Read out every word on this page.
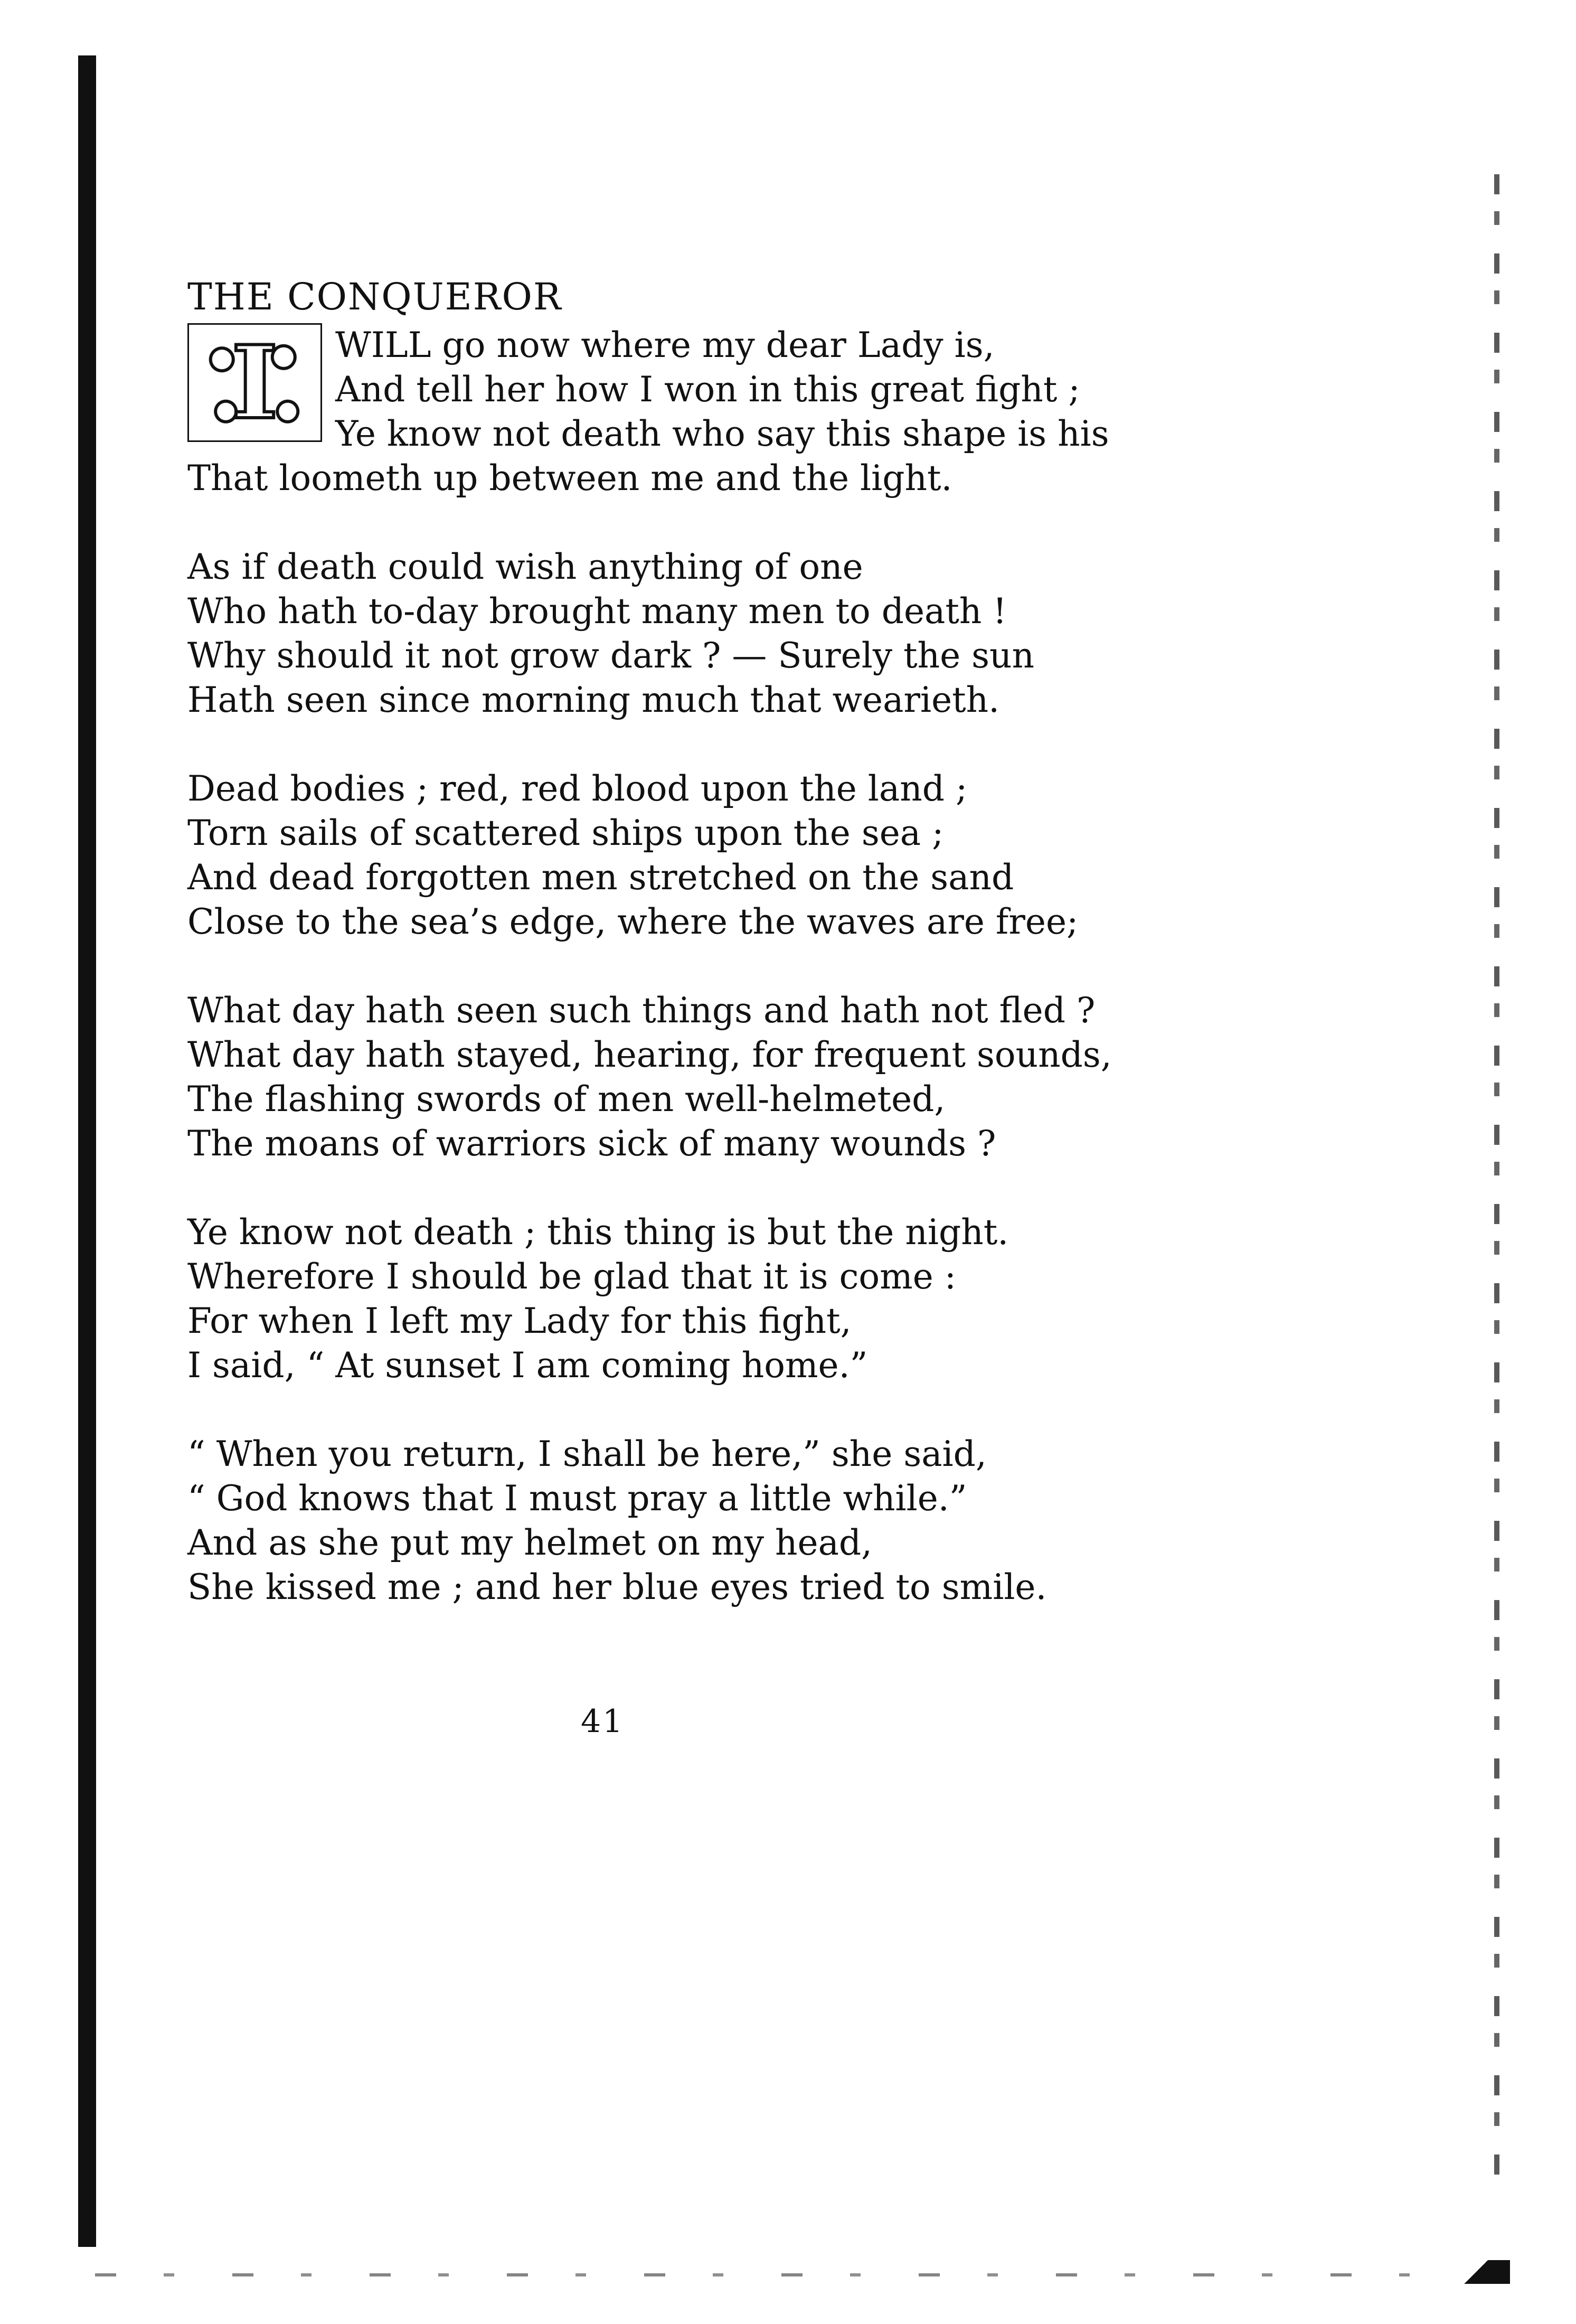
THE CONQUEROR
I	WILL go now where my dear Lady is,
And tell her how I won in this great fight ;
Ye know not death who say this shape is his
That loometh up between me and the light.
As if death could wish anything of one
Who hath to-day brought many men to death !
Why should it not grow dark ? — Surely the sun
Hath seen since morning much that wearieth.
Dead bodies ; red, red blood upon the land ;
Torn sails of scattered ships upon the sea ;
And dead forgotten men stretched on the sand
Close to the sea’s edge, where the waves are free;
What day hath seen such things and hath not fled ?
What day hath stayed, hearing, for frequent sounds,
The flashing swords of men well-helmeted,
The moans of warriors sick of many wounds ?
Ye know not death ; this thing is but the night.
Wherefore I should be glad that it is come :
For when I left my Lady for this fight,
I said, “ At sunset I am coming home.”
“ When you return, I shall be here,” she said,
“ God knows that I must pray a little while.”
And as she put my helmet on my head,
She kissed me ; and her blue eyes tried to smile.
41
